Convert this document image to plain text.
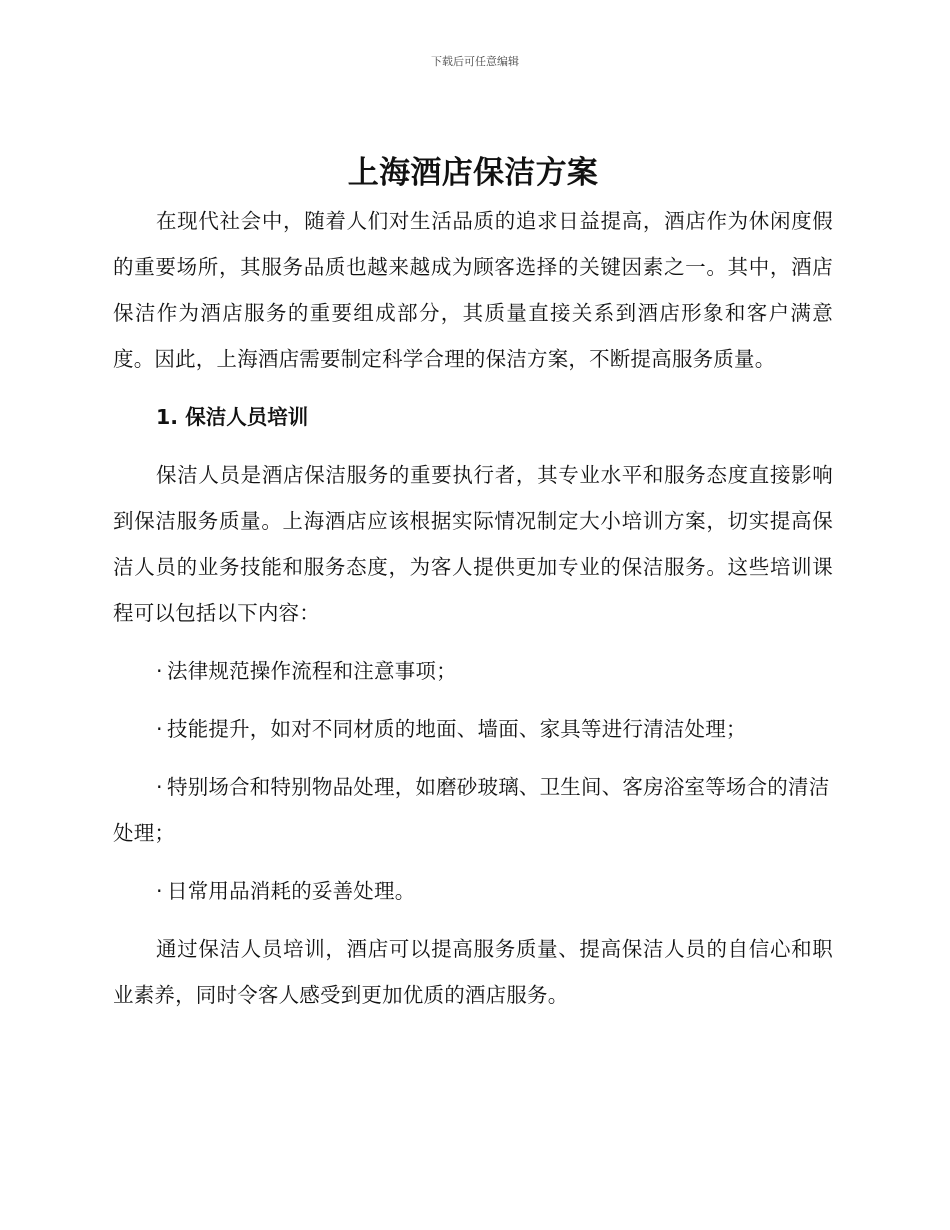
下载后可任意编辑
上海酒店保洁方案

在现代社会中，随着人们对生活品质的追求日益提高，酒店作为休闲度假的重要场所，其服务品质也越来越成为顾客选择的关键因素之一。其中，酒店保洁作为酒店服务的重要组成部分，其质量直接关系到酒店形象和客户满意度。因此，上海酒店需要制定科学合理的保洁方案，不断提高服务质量。

1. 保洁人员培训

保洁人员是酒店保洁服务的重要执行者，其专业水平和服务态度直接影响到保洁服务质量。上海酒店应该根据实际情况制定大小培训方案，切实提高保洁人员的业务技能和服务态度，为客人提供更加专业的保洁服务。这些培训课程可以包括以下内容：

· 法律规范操作流程和注意事项；
· 技能提升，如对不同材质的地面、墙面、家具等进行清洁处理；
· 特别场合和特别物品处理，如磨砂玻璃、卫生间、客房浴室等场合的清洁处理；
· 日常用品消耗的妥善处理。

通过保洁人员培训，酒店可以提高服务质量、提高保洁人员的自信心和职业素养，同时令客人感受到更加优质的酒店服务。
